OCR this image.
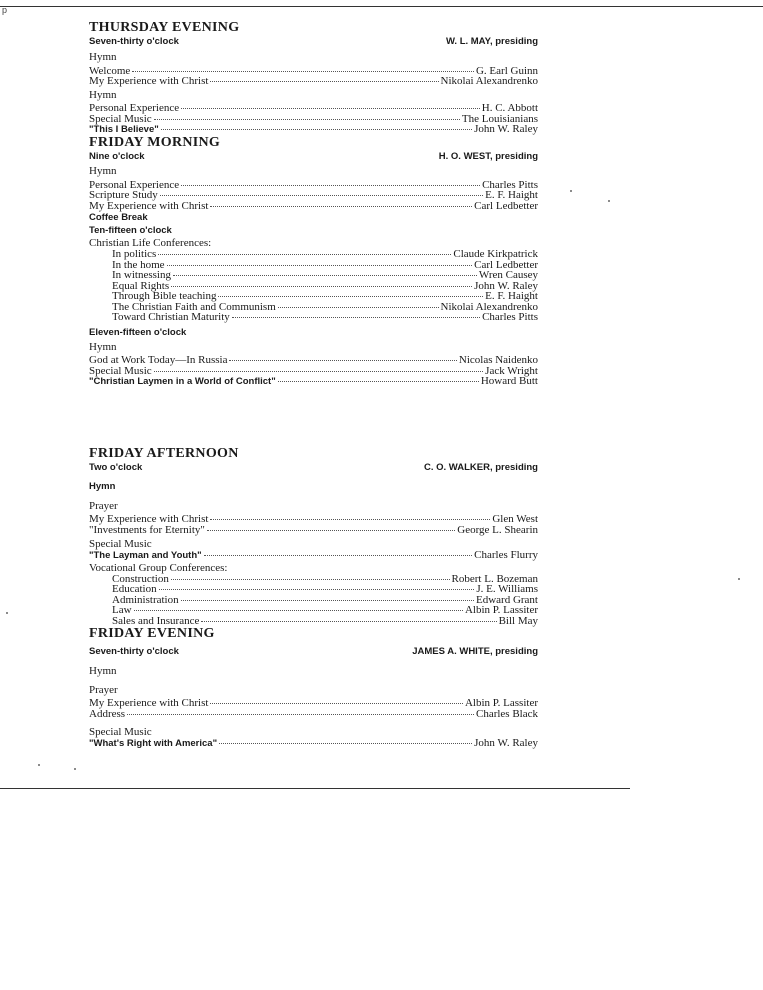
p
THURSDAY EVENING
Seven-thirty o'clock	W. L. MAY, presiding
Hymn
Welcome	G. Earl Guinn
My Experience with Christ	Nikolai Alexandrenko
Hymn
Personal Experience	H. C. Abbott
Special Music	The Louisianians
"This I Believe"	John W. Raley
FRIDAY MORNING
Nine o'clock	H. O. WEST, presiding
Hymn
Personal Experience	Charles Pitts
Scripture Study	E. F. Haight
My Experience with Christ	Carl Ledbetter
Coffee Break
Ten-fifteen o'clock
Christian Life Conferences:
In politics	Claude Kirkpatrick
In the home	Carl Ledbetter
In witnessing	Wren Causey
Equal Rights	John W. Raley
Through Bible teaching	E. F. Haight
The Christian Faith and Communism	Nikolai Alexandrenko
Toward Christian Maturity	Charles Pitts
Eleven-fifteen o'clock
Hymn
God at Work Today—In Russia	Nicolas Naidenko
Special Music	Jack Wright
"Christian Laymen in a World of Conflict"	Howard Butt
FRIDAY AFTERNOON
Two o'clock	C. O. WALKER, presiding
Hymn
Prayer
My Experience with Christ	Glen West
"Investments for Eternity"	George L. Shearin
Special Music
"The Layman and Youth"	Charles Flurry
Vocational Group Conferences:
Construction	Robert L. Bozeman
Education	J. E. Williams
Administration	Edward Grant
Law	Albin P. Lassiter
Sales and Insurance	Bill May
FRIDAY EVENING
Seven-thirty o'clock	JAMES A. WHITE, presiding
Hymn
Prayer
My Experience with Christ	Albin P. Lassiter
Address	Charles Black
Special Music
"What's Right with America"	John W. Raley
